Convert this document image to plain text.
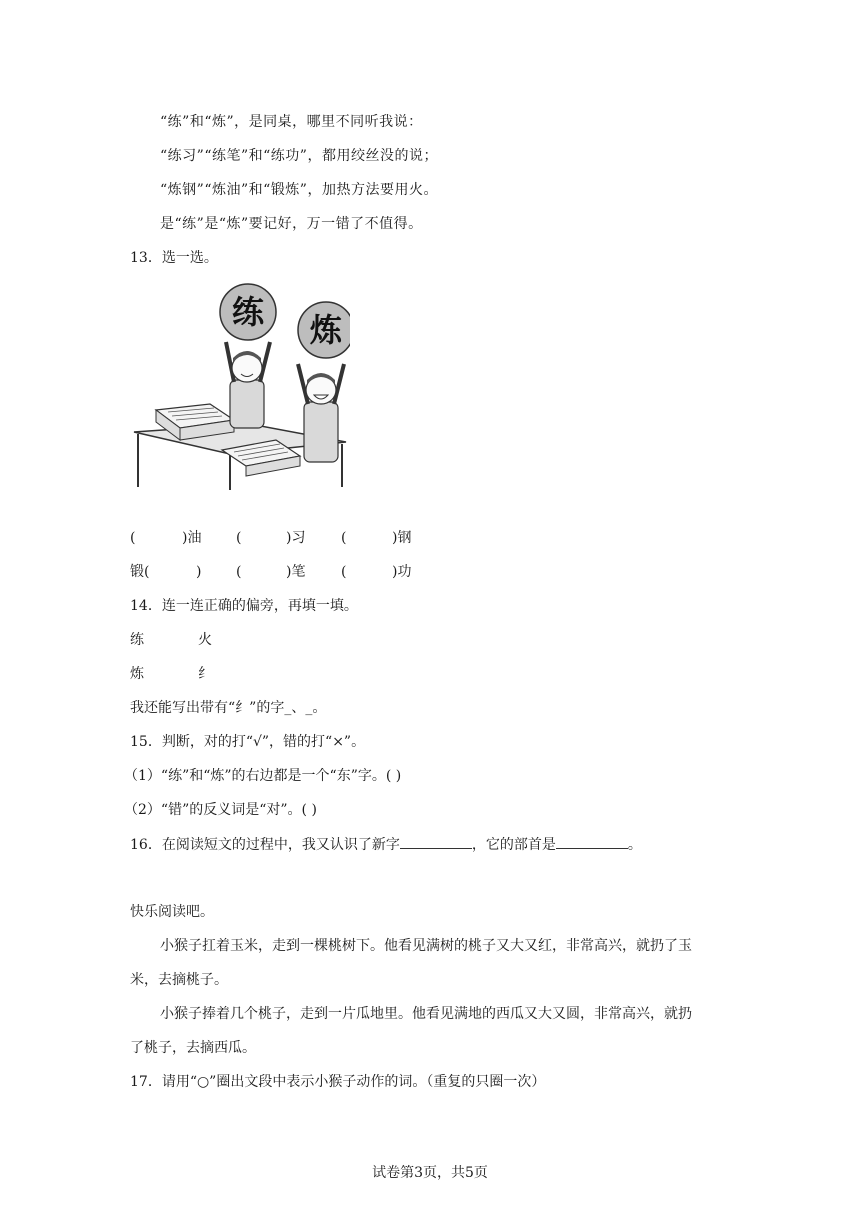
“练”和“炼”，是同桌，哪里不同听我说：
“练习”“练笔”和“练功”，都用绞丝没的说；
“炼钢”“炼油”和“锻炼”，加热方法要用火。
是“练”是“炼”要记好，万一错了不值得。
13．选一选。
练 炼
(	)油 (	)习	(	)钢
锻(	) (	)笔	(	)功
14．连一连正确的偏旁，再填一填。
练	火
炼	纟
我还能写出带有“纟”的字_、_。
15．判断，对的打“√”，错的打“×”。
（1）“练”和“炼”的右边都是一个“东”字。( )
（2）“错”的反义词是“对”。( )
16．在阅读短文的过程中，我又认识了新字	，它的部首是	。
快乐阅读吧。
小猴子扛着玉米，走到一棵桃树下。他看见满树的桃子又大又红，非常高兴，就扔了玉
米，去摘桃子。
小猴子捧着几个桃子，走到一片瓜地里。他看见满地的西瓜又大又圆，非常高兴，就扔
了桃子，去摘西瓜。
17．请用“○”圈出文段中表示小猴子动作的词。（重复的只圈一次）
试卷第3页，共5页
